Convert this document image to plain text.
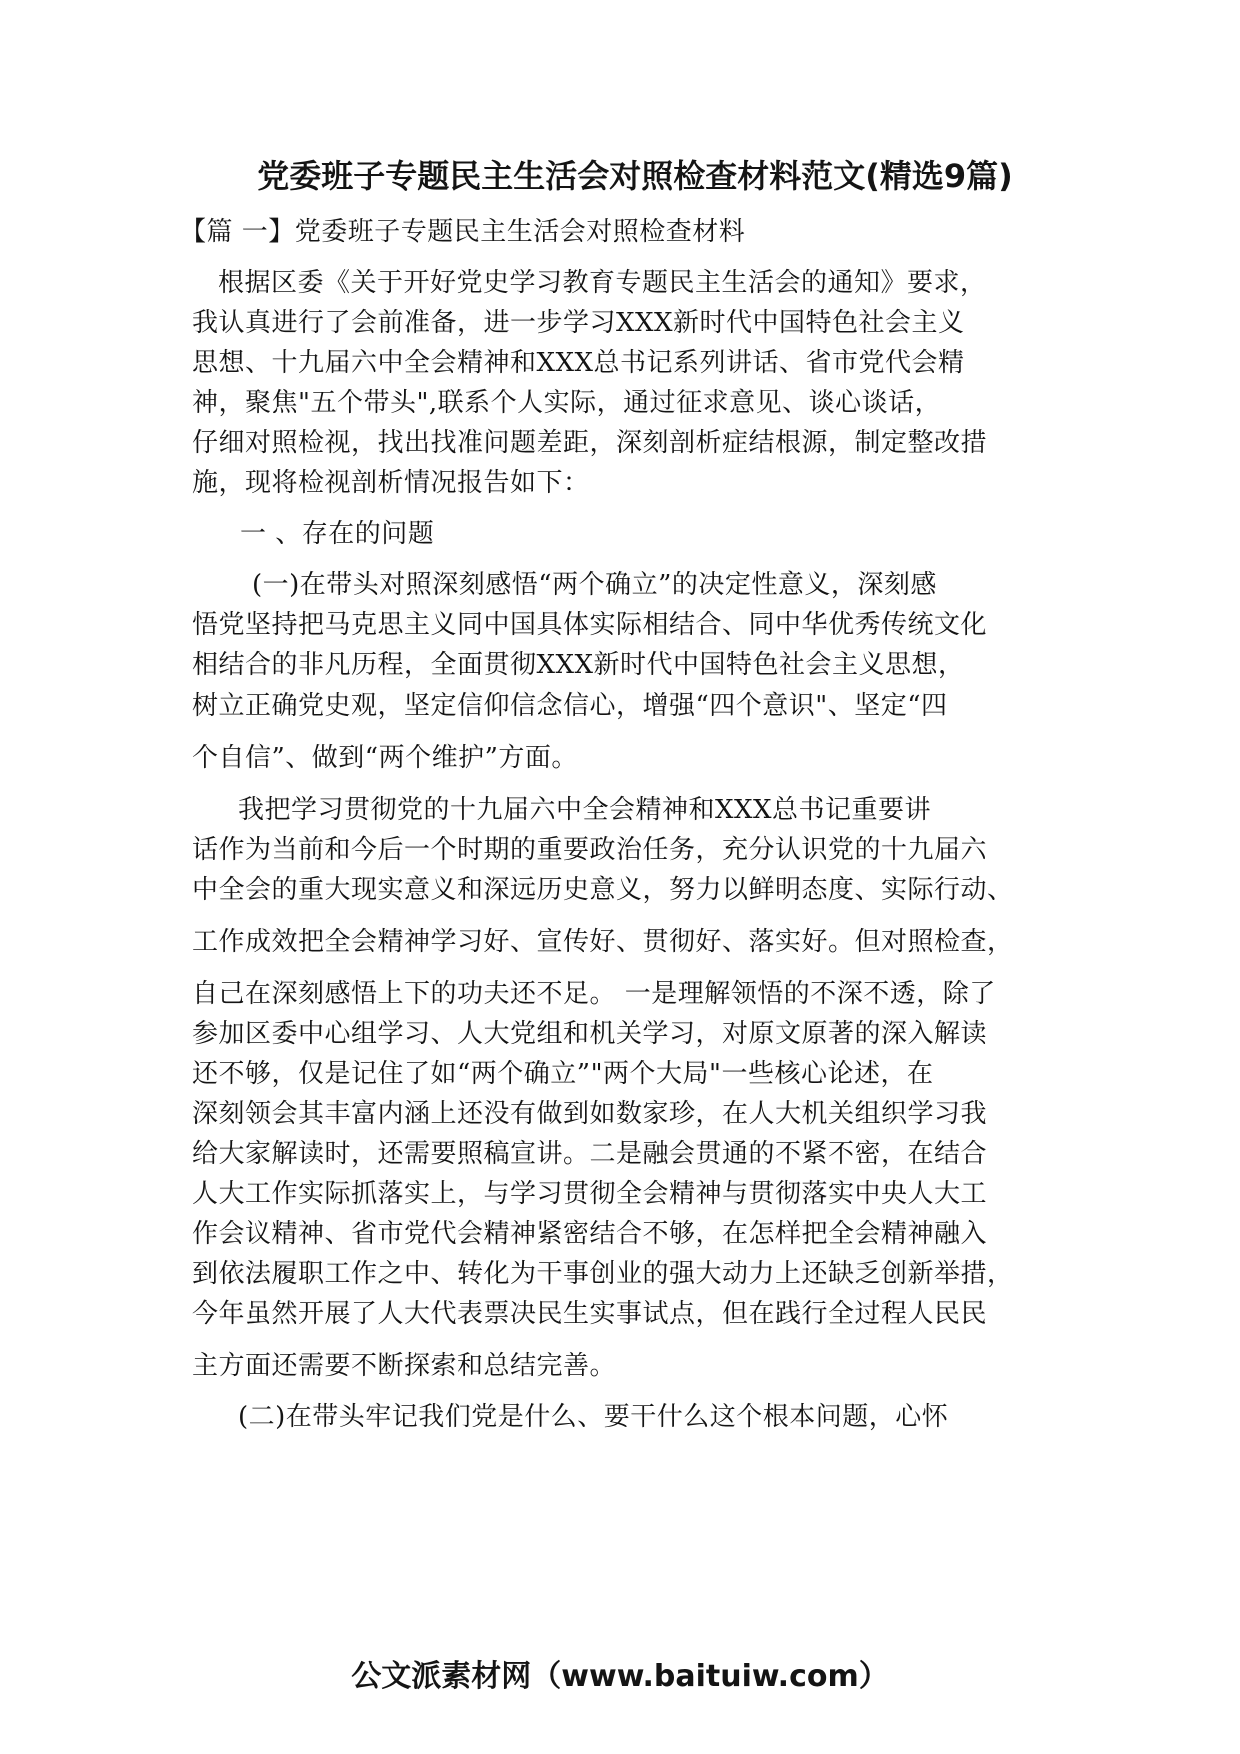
党委班子专题民主生活会对照检查材料范文(精选9篇)
【篇 一】党委班子专题民主生活会对照检查材料
根据区委《关于开好党史学习教育专题民主生活会的通知》要求，
我认真进行了会前准备，进一步学习XXX新时代中国特色社会主义
思想、十九届六中全会精神和XXX总书记系列讲话、省市党代会精
神，聚焦"五个带头",联系个人实际，通过征求意见、谈心谈话，
仔细对照检视，找出找准问题差距，深刻剖析症结根源，制定整改措
施，现将检视剖析情况报告如下：
一 、存在的问题
(一)在带头对照深刻感悟“两个确立”的决定性意义，深刻感
悟党坚持把马克思主义同中国具体实际相结合、同中华优秀传统文化
相结合的非凡历程，全面贯彻XXX新时代中国特色社会主义思想，
树立正确党史观，坚定信仰信念信心，增强“四个意识"、坚定“四
个自信”、做到“两个维护”方面。
我把学习贯彻党的十九届六中全会精神和XXX总书记重要讲
话作为当前和今后一个时期的重要政治任务，充分认识党的十九届六
中全会的重大现实意义和深远历史意义，努力以鲜明态度、实际行动、
工作成效把全会精神学习好、宣传好、贯彻好、落实好。但对照检查，
自己在深刻感悟上下的功夫还不足。 一是理解领悟的不深不透，除了
参加区委中心组学习、人大党组和机关学习，对原文原著的深入解读
还不够，仅是记住了如“两个确立”"两个大局"一些核心论述，在
深刻领会其丰富内涵上还没有做到如数家珍，在人大机关组织学习我
给大家解读时，还需要照稿宣讲。二是融会贯通的不紧不密，在结合
人大工作实际抓落实上，与学习贯彻全会精神与贯彻落实中央人大工
作会议精神、省市党代会精神紧密结合不够，在怎样把全会精神融入
到依法履职工作之中、转化为干事创业的强大动力上还缺乏创新举措，
今年虽然开展了人大代表票决民生实事试点，但在践行全过程人民民
主方面还需要不断探索和总结完善。
(二)在带头牢记我们党是什么、要干什么这个根本问题，心怀
公文派素材网（www.baituiw.com）
